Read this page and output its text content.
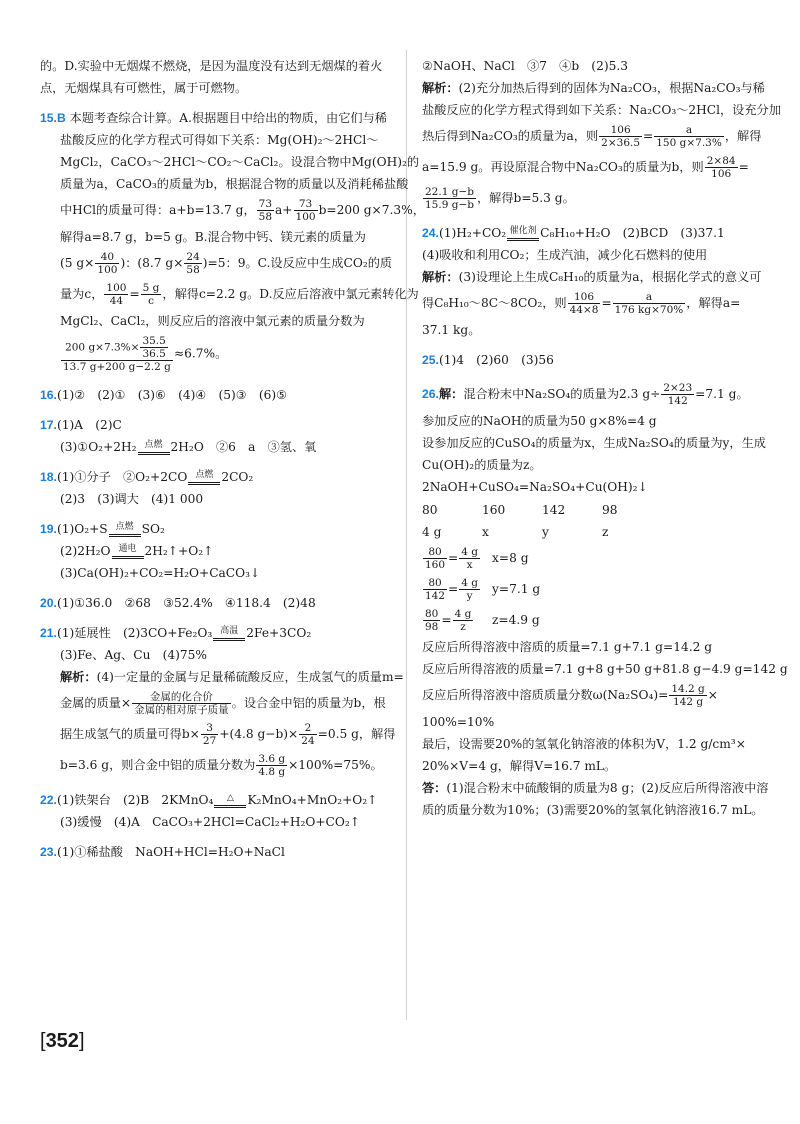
的。D.实验中无烟煤不燃烧，是因为温度没有达到无烟煤的着火
点，无烟煤具有可燃性，属于可燃物。
15.B 本题考查综合计算。A.根据题目中给出的物质，由它们与稀
盐酸反应的化学方程式可得如下关系：Mg(OH)₂～2HCl～
MgCl₂，CaCO₃～2HCl～CO₂～CaCl₂。设混合物中Mg(OH)₂的
质量为a，CaCO₃的质量为b，根据混合物的质量以及消耗稀盐酸
中HCl的质量可得：a+b=13.7 g， $\frac{73}{58} a+ \frac{73}{100} b=200$ g×7.3%，
解得a=8.7 g，b=5 g。B.混合物中钙、镁元素的质量为
(5 $g\times \frac{40}{100}$ )：(8.7 $g\times \frac{24}{58} )=5$：9。C.设反应中生成CO₂的质
量为c， $\frac{100}{44} = \frac{5 g}{c}$ ，解得c=2.2 g。D.反应后溶液中氯元素转化为
MgCl₂、CaCl₂，则反应后的溶液中氯元素的质量分数为
$\frac{200 g\times 7.3\%\times \frac{35.5}{36.5}}{13.7 g+200 g-2.2 g} \approx 6.7\%$。
16.(1)②　(2)①　(3)⑥　(4)④　(5)③　(6)⑤
17.(1)A　(2)C
(3)①O₂+2H₂ 点燃 2H₂O　②6　a　③氢、氧
18.(1)①分子　②O₂+2CO 点燃 2CO₂
(2)3　(3)调大　(4)1 000
19.(1)O₂+S 点燃 SO₂
(2)2H₂O 通电 2H₂↑+O₂↑
(3)Ca(OH)₂+CO₂=H₂O+CaCO₃↓
20.(1)①36.0　②68　③52.4%　④118.4　(2)48
21.(1)延展性　(2)3CO+Fe₂O₃ 高温 2Fe+3CO₂
(3)Fe、Ag、Cu　(4)75%
解析：(4)一定量的金属与足量稀硫酸反应，生成氢气的质量m=
金属的质量× $\frac{\text{金属的化合价}}{\text{金属的相对原子质量}}$ 。设合金中铝的质量为b，根
据生成氢气的质量可得$b\times \frac{3}{27} +(4.8$ $g-b)\times \frac{2}{24} =0.5$ g，解得
b=3.6 g，则合金中铝的质量分数为 $\frac{3.6 g}{4.8 g} \times 100\%=75\%$。
22.(1)铁架台　(2)B　2KMnO₄	△	K₂MnO₄+MnO₂+O₂↑
(3)缓慢　(4)A　CaCO₃+2HCl=CaCl₂+H₂O+CO₂↑
23.(1)①稀盐酸　NaOH+HCl=H₂O+NaCl
②NaOH、NaCl　③7　④b　(2)5.3
解析：(2)充分加热后得到的固体为Na₂CO₃，根据Na₂CO₃与稀
盐酸反应的化学方程式得到如下关系：Na₂CO₃～2HCl，设充分加
热后得到Na₂CO₃的质量为a，则 $\frac{106}{2\times 36.5} = \frac{a}{150 g\times 7.3\%}$ ，解得
a=15.9 g。再设原混合物中Na₂CO₃的质量为b，则 $\frac{2\times 84}{106}$ =
$\frac{22.1 g-b}{15.9 g-b}$ ，解得b=5.3 g。
24.(1)H₂+CO₂ 催化剂 C₈H₁₀+H₂O　(2)BCD　(3)37.1
(4)吸收和利用CO₂；生成汽油，减少化石燃料的使用
解析：(3)设理论上生成C₈H₁₀的质量为a，根据化学式的意义可
得C₈H₁₀～8C～8CO₂，则 $\frac{106}{44\times 8} = \frac{a}{176 kg\times 70\%}$ ，解得a=
37.1 kg。
25.(1)4　(2)60　(3)56
26.解：混合粉末中Na₂SO₄的质量为2.3 $g\div \frac{2\times 23}{142} =7.1$ g。
参加反应的NaOH的质量为50 g×8%=4 g
设参加反应的CuSO₄的质量为x，生成Na₂SO₄的质量为y，生成
Cu(OH)₂的质量为z。
2NaOH+CuSO₄=Na₂SO₄+Cu(OH)₂↓
80	160	142	98
4 g	x	y	z
$\frac{80}{160} = \frac{4 g}{x} x=8$ g
$\frac{80}{142} = \frac{4 g}{y} y=7.1$ g
$\frac{80}{98} = \frac{4 g}{z} z=4.9$ g
反应后所得溶液中溶质的质量=7.1 g+7.1 g=14.2 g
反应后所得溶液的质量=7.1 g+8 g+50 g+81.8 g−4.9 g=142 g
反应后所得溶液中溶质质量分数$\omega(Na_2SO_4)= \frac{14.2 g}{142 g}$ ×
100%=10%
最后，设需要20%的氢氧化钠溶液的体积为V，1.2 g/cm³×
20%×V=4 g，解得V=16.7 mL。
答：(1)混合粉末中硫酸铜的质量为8 g；(2)反应后所得溶液中溶
质的质量分数为10%；(3)需要20%的氢氧化钠溶液16.7 mL。
[352]
